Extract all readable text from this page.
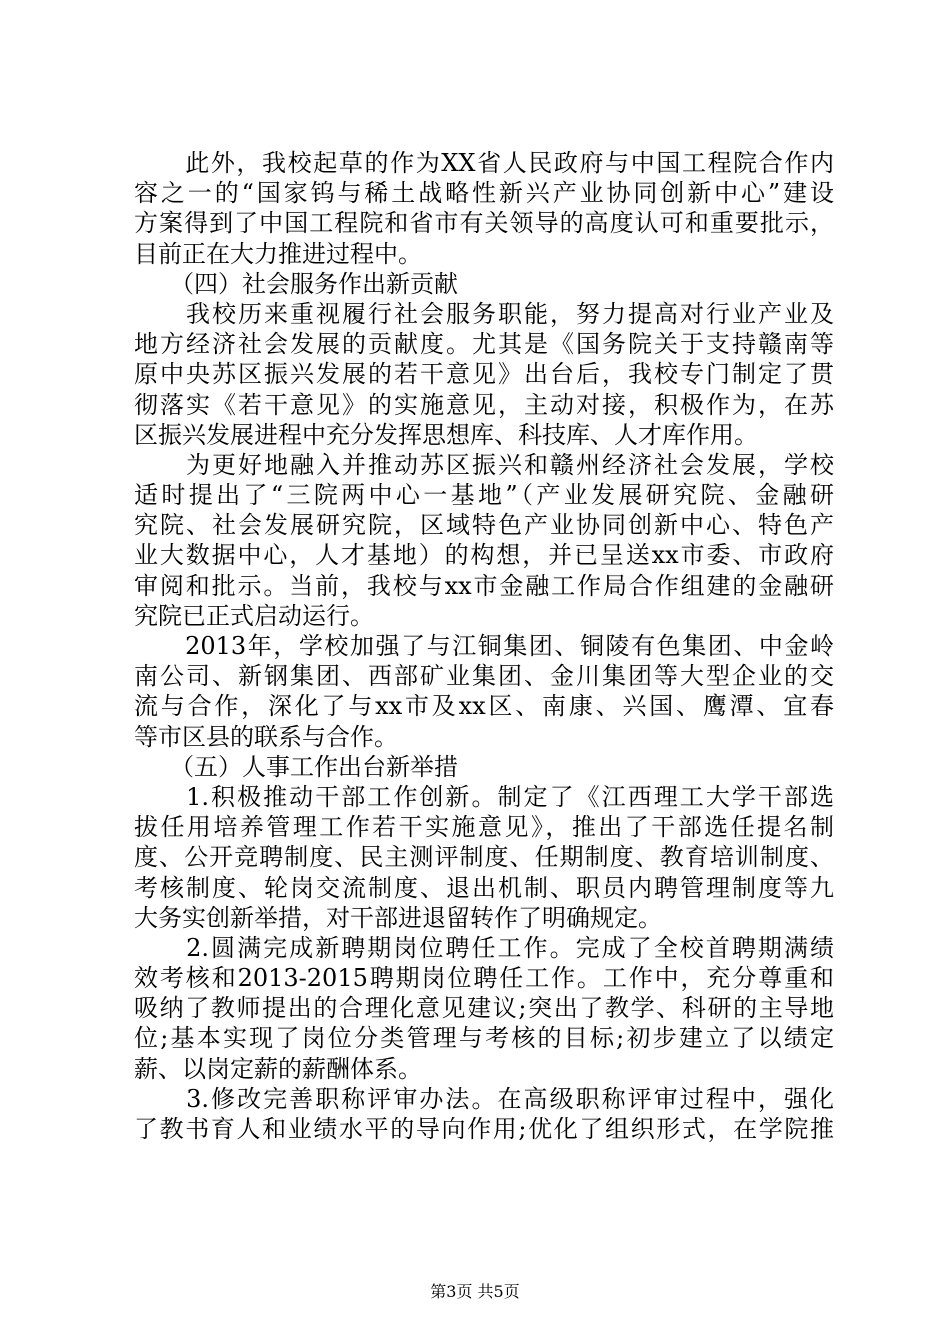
　　此外，我校起草的作为XX省人民政府与中国工程院合作内
容之一的“国家钨与稀土战略性新兴产业协同创新中心”建设
方案得到了中国工程院和省市有关领导的高度认可和重要批示，
目前正在大力推进过程中。
　　（四）社会服务作出新贡献
　　我校历来重视履行社会服务职能，努力提高对行业产业及
地方经济社会发展的贡献度。尤其是《国务院关于支持赣南等
原中央苏区振兴发展的若干意见》出台后，我校专门制定了贯
彻落实《若干意见》的实施意见，主动对接，积极作为，在苏
区振兴发展进程中充分发挥思想库、科技库、人才库作用。
　　为更好地融入并推动苏区振兴和赣州经济社会发展，学校
适时提出了“三院两中心一基地”（产业发展研究院、金融研
究院、社会发展研究院，区域特色产业协同创新中心、特色产
业大数据中心，人才基地）的构想，并已呈送xx市委、市政府
审阅和批示。当前，我校与xx市金融工作局合作组建的金融研
究院已正式启动运行。
　　2013年，学校加强了与江铜集团、铜陵有色集团、中金岭
南公司、新钢集团、西部矿业集团、金川集团等大型企业的交
流与合作，深化了与xx市及xx区、南康、兴国、鹰潭、宜春
等市区县的联系与合作。
　　（五）人事工作出台新举措
　　1.积极推动干部工作创新。制定了《江西理工大学干部选
拔任用培养管理工作若干实施意见》，推出了干部选任提名制
度、公开竞聘制度、民主测评制度、任期制度、教育培训制度、
考核制度、轮岗交流制度、退出机制、职员内聘管理制度等九
大务实创新举措，对干部进退留转作了明确规定。
　　2.圆满完成新聘期岗位聘任工作。完成了全校首聘期满绩
效考核和2013-2015聘期岗位聘任工作。工作中，充分尊重和
吸纳了教师提出的合理化意见建议;突出了教学、科研的主导地
位;基本实现了岗位分类管理与考核的目标;初步建立了以绩定
薪、以岗定薪的薪酬体系。
　　3.修改完善职称评审办法。在高级职称评审过程中，强化
了教书育人和业绩水平的导向作用;优化了组织形式，在学院推
第3页 共5页
